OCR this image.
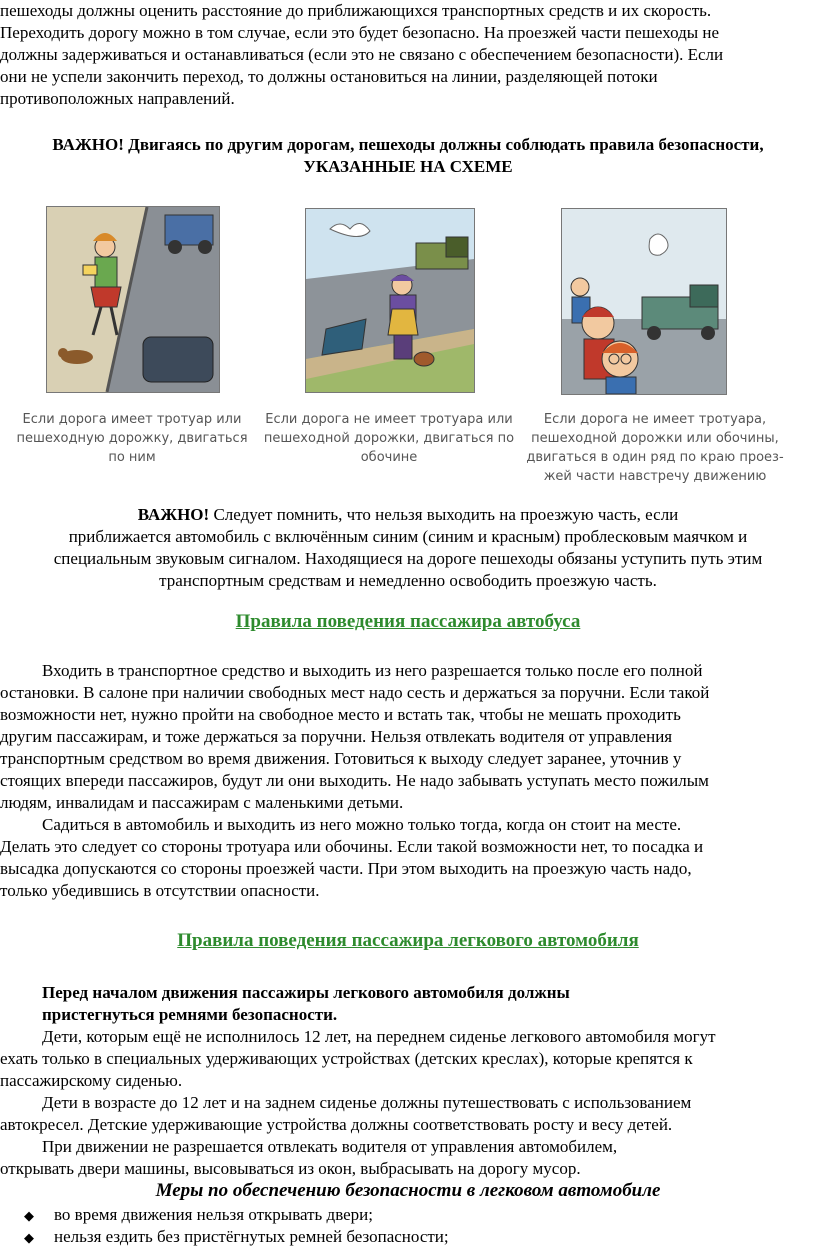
пешеходы должны оценить расстояние до приближающихся транспортных средств и их скорость.

Переходить дорогу можно в том случае, если это будет безопасно. На проезжей части пешеходы не

должны задерживаться и останавливаться (если это не связано с обеспечением безопасности). Если

они не успели закончить переход, то должны остановиться на линии, разделяющей потоки

противоположных направлений.

ВАЖНО! Двигаясь по другим дорогам, пешеходы должны соблюдать правила безопасности,

УКАЗАННЫЕ НА СХЕМЕ

Если дорога имеет тротуар или
пешеходную дорожку, двигаться
по ним
Если дорога не имеет тротуара или
пешеходной дорожки, двигаться по
обочине
Если дорога не имеет тротуара,
пешеходной дорожки или обочины,
двигаться в один ряд по краю проез-
жей части навстречу движению

ВАЖНО! Следует помнить, что нельзя выходить на проезжую часть, если

приближается автомобиль с включённым синим (синим и красным) проблесковым маячком и

специальным звуковым сигналом. Находящиеся на дороге пешеходы обязаны уступить путь этим

транспортным средствам и немедленно освободить проезжую часть.

Правила поведения пассажира автобуса

Входить в транспортное средство и выходить из него разрешается только после его полной

остановки. В салоне при наличии свободных мест надо сесть и держаться за поручни. Если такой

возможности нет, нужно пройти на свободное место и встать так, чтобы не мешать проходить

другим пассажирам, и тоже держаться за поручни. Нельзя отвлекать водителя от управления

транспортным средством во время движения. Готовиться к выходу следует заранее, уточнив у

стоящих впереди пассажиров, будут ли они выходить. Не надо забывать уступать место пожилым

людям, инвалидам и пассажирам с маленькими детьми.

Садиться в автомобиль и выходить из него можно только тогда, когда он стоит на месте.

Делать это следует со стороны тротуара или обочины. Если такой возможности нет, то посадка и

высадка допускаются со стороны проезжей части. При этом выходить на проезжую часть надо,

только убедившись в отсутствии опасности.

Правила поведения пассажира легкового автомобиля

Перед началом движения пассажиры легкового автомобиля должны

пристегнуться ремнями безопасности.

Дети, которым ещё не исполнилось 12 лет, на переднем сиденье легкового автомобиля могут

ехать только в специальных удерживающих устройствах (детских креслах), которые крепятся к

пассажирскому сиденью.

Дети в возрасте до 12 лет и на заднем сиденье должны путешествовать с использованием

автокресел. Детские удерживающие устройства должны соответствовать росту и весу детей.

При движении не разрешается отвлекать водителя от управления автомобилем,

открывать двери машины, высовываться из окон, выбрасывать на дорогу мусор.

Меры по обеспечению безопасности в легковом автомобиле

◆ во время движения нельзя открывать двери;
◆ нельзя ездить без пристёгнутых ремней безопасности;
